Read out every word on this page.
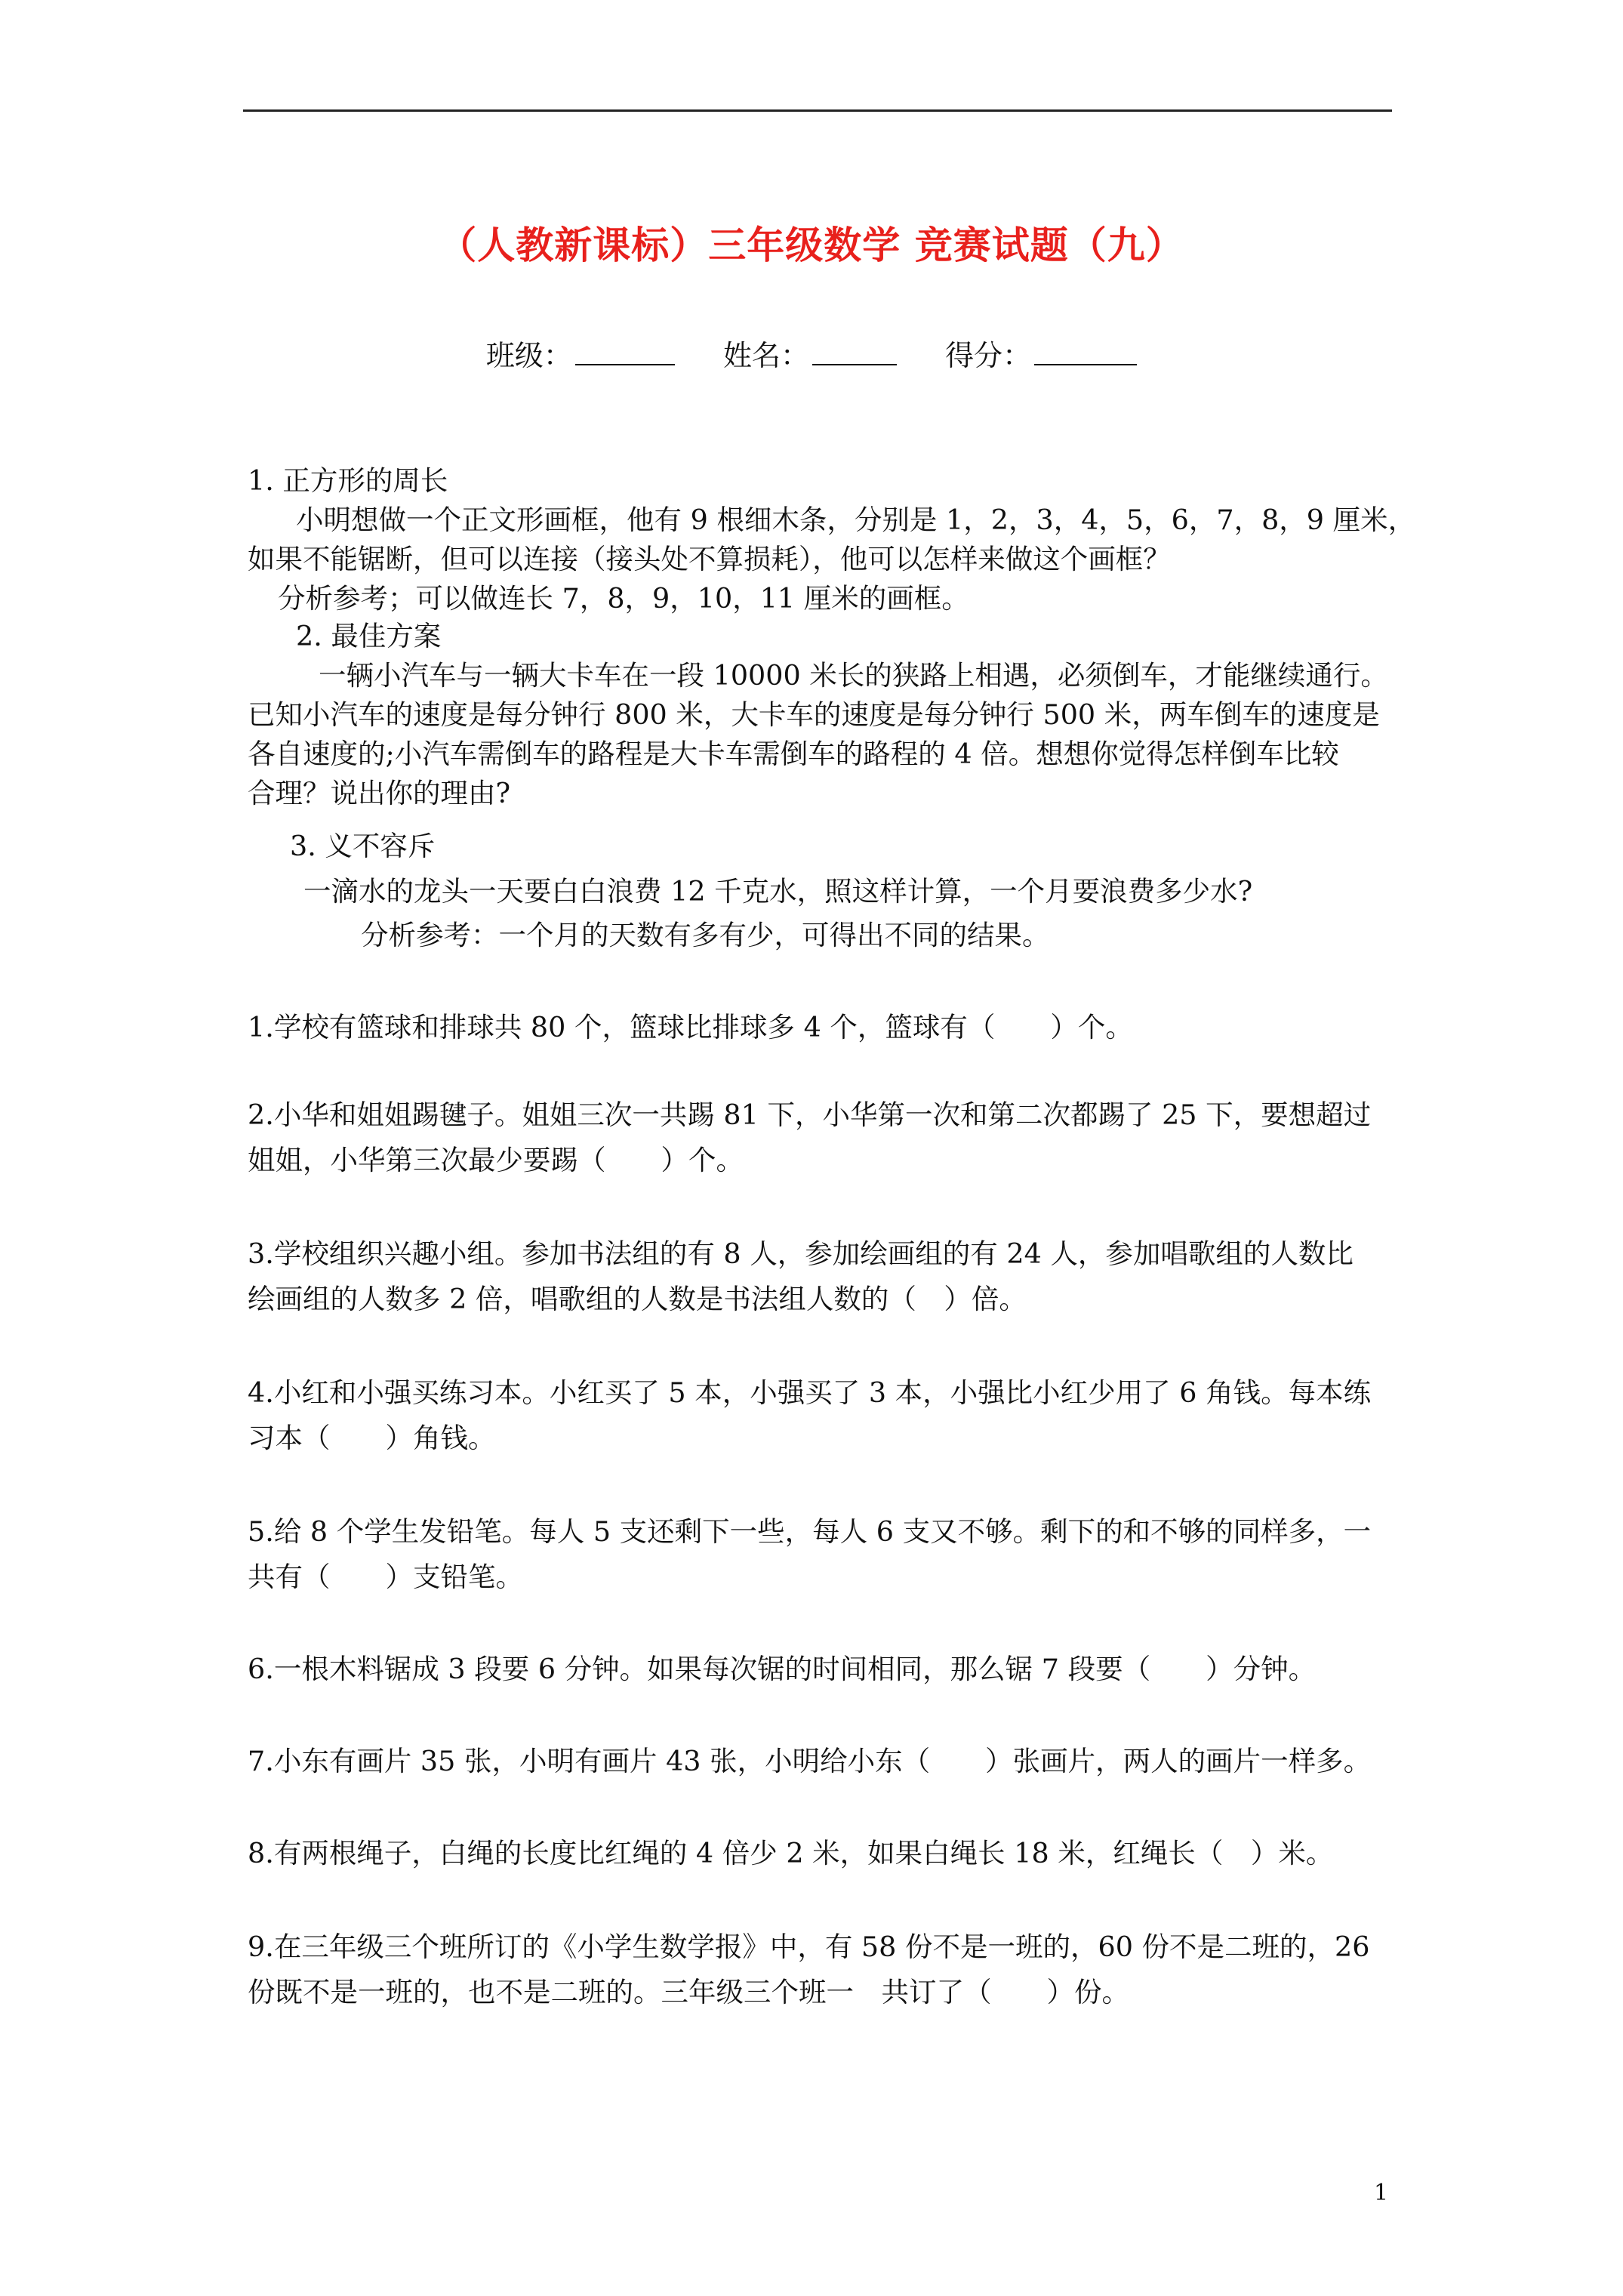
（人教新课标）三年级数学 竞赛试题（九）
班级：	姓名：	得分：
1. 正方形的周长
小明想做一个正文形画框，他有 9 根细木条，分别是 1，2，3，4，5，6，7，8，9 厘米，
如果不能锯断，但可以连接（接头处不算损耗），他可以怎样来做这个画框？
分析参考；可以做连长 7，8，9，10，11 厘米的画框。
2. 最佳方案
一辆小汽车与一辆大卡车在一段 10000 米长的狭路上相遇，必须倒车，才能继续通行。
已知小汽车的速度是每分钟行 800 米，大卡车的速度是每分钟行 500 米，两车倒车的速度是
各自速度的;小汽车需倒车的路程是大卡车需倒车的路程的 4 倍。想想你觉得怎样倒车比较
合理？说出你的理由?
3. 义不容斥
一滴水的龙头一天要白白浪费 12 千克水，照这样计算，一个月要浪费多少水?
分析参考：一个月的天数有多有少，可得出不同的结果。
1.学校有篮球和排球共 80 个，篮球比排球多 4 个，篮球有（　　）个。
2.小华和姐姐踢毽子。姐姐三次一共踢 81 下，小华第一次和第二次都踢了 25 下，要想超过
姐姐，小华第三次最少要踢（　　）个。
3.学校组织兴趣小组。参加书法组的有 8 人，参加绘画组的有 24 人，参加唱歌组的人数比
绘画组的人数多 2 倍，唱歌组的人数是书法组人数的（　）倍。
4.小红和小强买练习本。小红买了 5 本，小强买了 3 本，小强比小红少用了 6 角钱。每本练
习本（　　）角钱。
5.给 8 个学生发铅笔。每人 5 支还剩下一些，每人 6 支又不够。剩下的和不够的同样多，一
共有（　　）支铅笔。
6.一根木料锯成 3 段要 6 分钟。如果每次锯的时间相同，那么锯 7 段要（　　）分钟。
7.小东有画片 35 张，小明有画片 43 张，小明给小东（　　）张画片，两人的画片一样多。
8.有两根绳子，白绳的长度比红绳的 4 倍少 2 米，如果白绳长 18 米，红绳长（　）米。
9.在三年级三个班所订的《小学生数学报》中，有 58 份不是一班的，60 份不是二班的，26
份既不是一班的，也不是二班的。三年级三个班一　共订了（　　）份。
1
